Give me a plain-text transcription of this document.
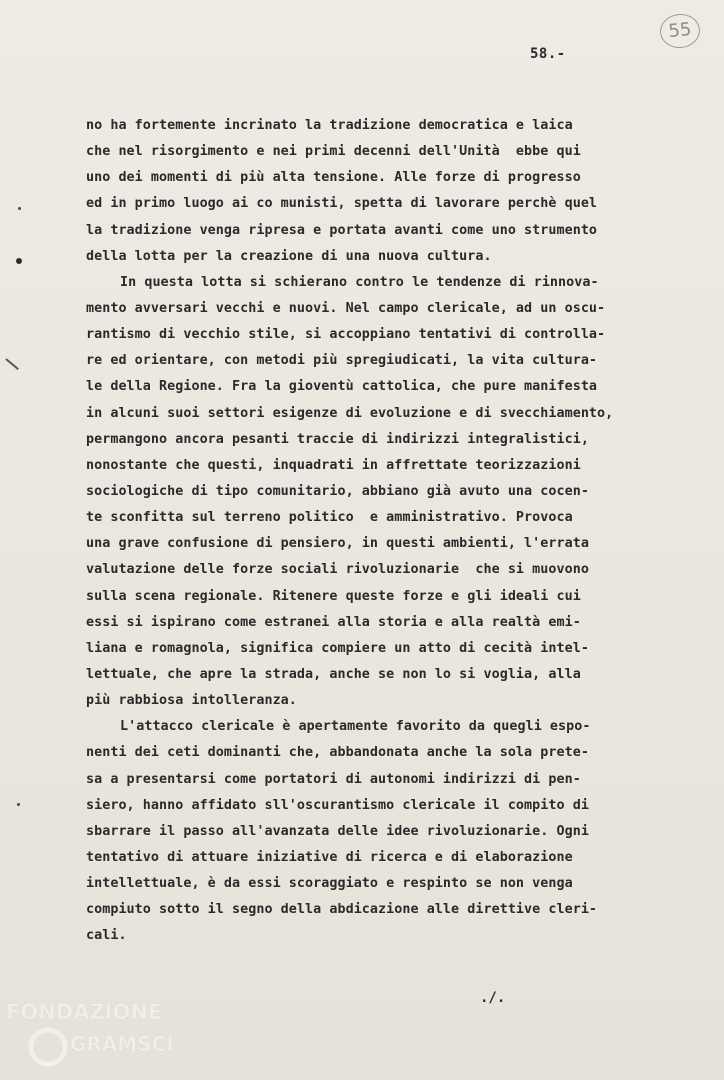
55
58.-
no ha fortemente incrinato la tradizione democratica e laica
che nel risorgimento e nei primi decenni dell'Unità  ebbe qui
uno dei momenti di più alta tensione. Alle forze di progresso
ed in primo luogo ai co munisti, spetta di lavorare perchè quel
la tradizione venga ripresa e portata avanti come uno strumento
della lotta per la creazione di una nuova cultura.
In questa lotta si schierano contro le tendenze di rinnova-
mento avversari vecchi e nuovi. Nel campo clericale, ad un oscu-
rantismo di vecchio stile, si accoppiano tentativi di controlla-
re ed orientare, con metodi più spregiudicati, la vita cultura-
le della Regione. Fra la gioventù cattolica, che pure manifesta
in alcuni suoi settori esigenze di evoluzione e di svecchiamento,
permangono ancora pesanti traccie di indirizzi integralistici,
nonostante che questi, inquadrati in affrettate teorizzazioni
sociologiche di tipo comunitario, abbiano già avuto una cocen-
te sconfitta sul terreno politico  e amministrativo. Provoca
una grave confusione di pensiero, in questi ambienti, l'errata
valutazione delle forze sociali rivoluzionarie  che si muovono
sulla scena regionale. Ritenere queste forze e gli ideali cui
essi si ispirano come estranei alla storia e alla realtà emi-
liana e romagnola, significa compiere un atto di cecità intel-
lettuale, che apre la strada, anche se non lo si voglia, alla
più rabbiosa intolleranza.
L'attacco clericale è apertamente favorito da quegli espo-
nenti dei ceti dominanti che, abbandonata anche la sola prete-
sa a presentarsi come portatori di autonomi indirizzi di pen-
siero, hanno affidato sll'oscurantismo clericale il compito di
sbarrare il passo all'avanzata delle idee rivoluzionarie. Ogni
tentativo di attuare iniziative di ricerca e di elaborazione
intellettuale, è da essi scoraggiato e respinto se non venga
compiuto sotto il segno della abdicazione alle direttive cleri-
cali.
./.
FONDAZIONE
GRAMSCI
